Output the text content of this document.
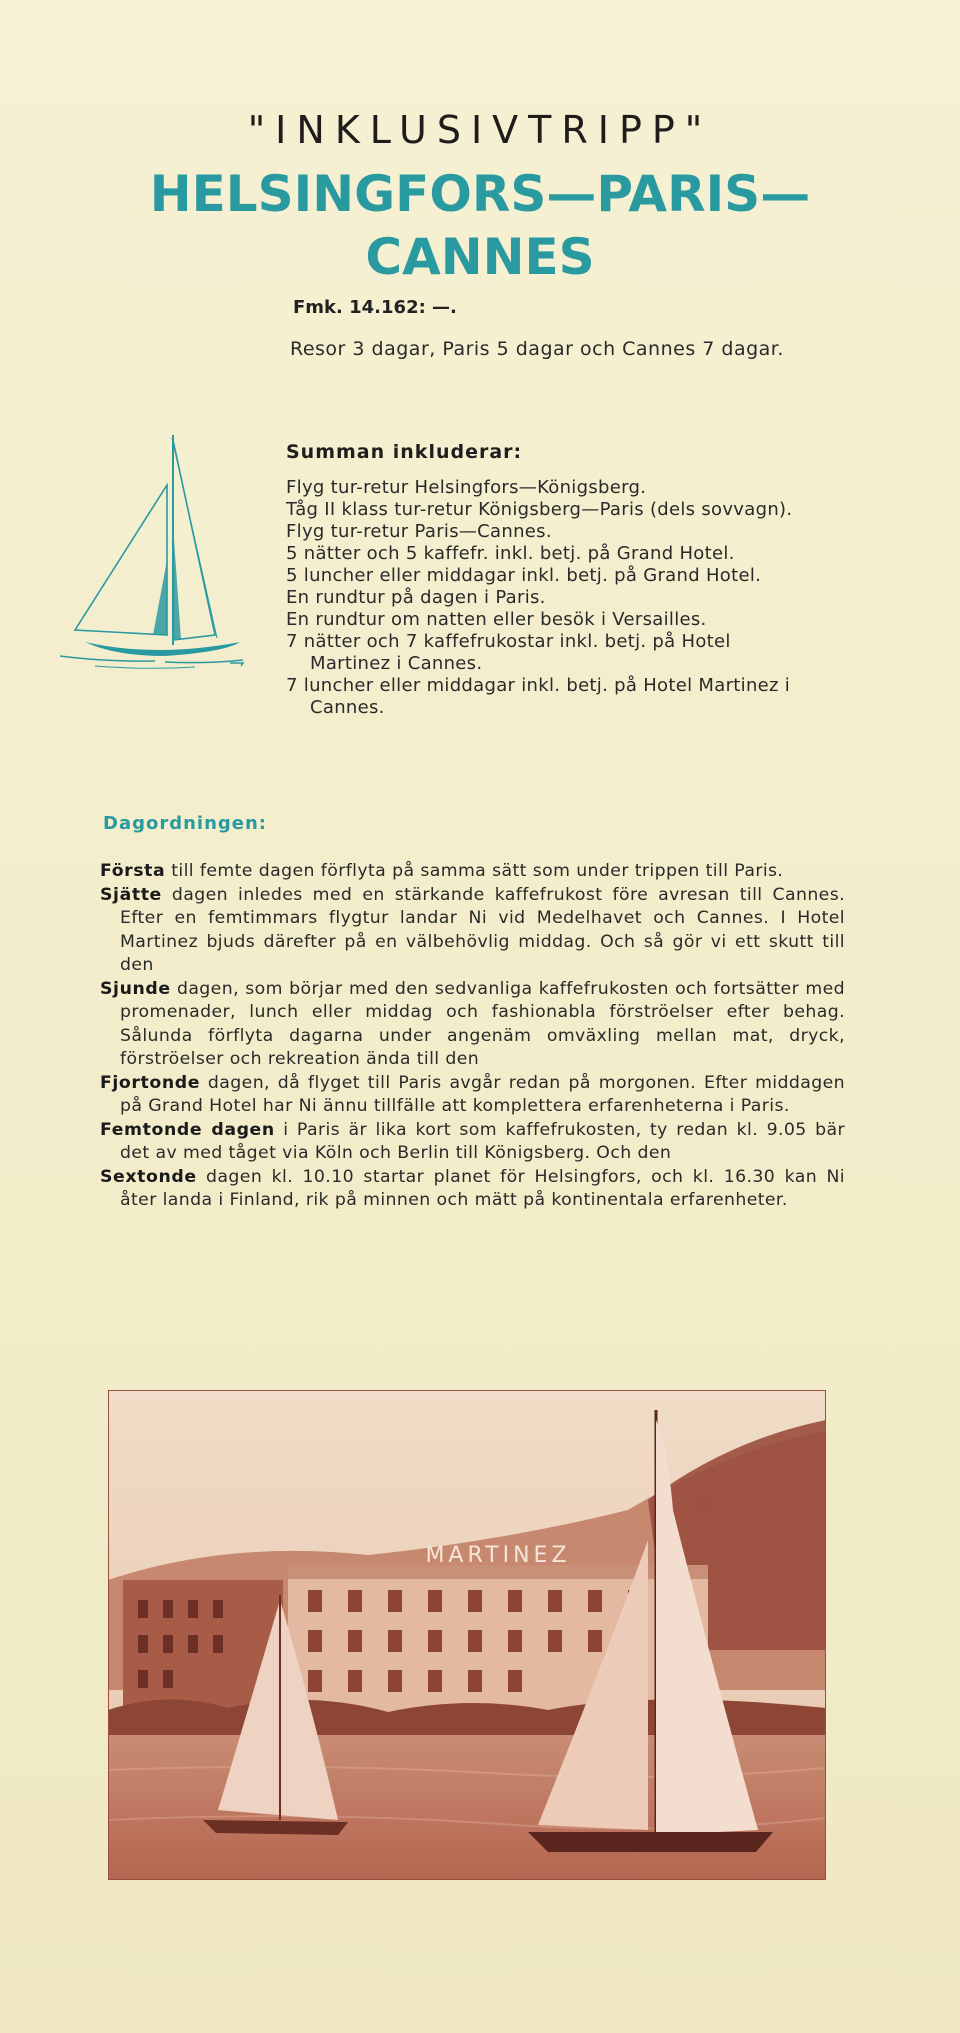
"INKLUSIVTRIPP"
HELSINGFORS—PARIS—
CANNES
Fmk. 14.162: —.
Resor 3 dagar, Paris 5 dagar och Cannes 7 dagar.
Summan inkluderar:
Flyg tur-retur Helsingfors—Königsberg.
Tåg II klass tur-retur Königsberg—Paris (dels sovvagn).
Flyg tur-retur Paris—Cannes.
5 nätter och 5 kaffefr. inkl. betj. på Grand Hotel.
5 luncher eller middagar inkl. betj. på Grand Hotel.
En rundtur på dagen i Paris.
En rundtur om natten eller besök i Versailles.
7 nätter och 7 kaffefrukostar inkl. betj. på Hotel Martinez i Cannes.
7 luncher eller middagar inkl. betj. på Hotel Martinez i Cannes.
Dagordningen:

Första till femte dagen förflyta på samma sätt som under trippen till Paris.

Sjätte dagen inledes med en stärkande kaffefrukost före avresan till Cannes. Efter en femtimmars flygtur landar Ni vid Medelhavet och Cannes. I Hotel Martinez bjuds därefter på en välbehövlig middag. Och så gör vi ett skutt till den

Sjunde dagen, som börjar med den sedvanliga kaffefrukosten och fortsätter med promenader, lunch eller middag och fashionabla förströelser efter behag. Sålunda förflyta dagarna under angenäm omväxling mellan mat, dryck, förströelser och rekreation ända till den

Fjortonde dagen, då flyget till Paris avgår redan på morgonen. Efter middagen på Grand Hotel har Ni ännu tillfälle att komplettera erfarenheterna i Paris.

Femtonde dagen i Paris är lika kort som kaffefrukosten, ty redan kl. 9.05 bär det av med tåget via Köln och Berlin till Königsberg. Och den

Sextonde dagen kl. 10.10 startar planet för Helsingfors, och kl. 16.30 kan Ni åter landa i Finland, rik på minnen och mätt på kontinentala erfarenheter.

MARTINEZ
F 50
